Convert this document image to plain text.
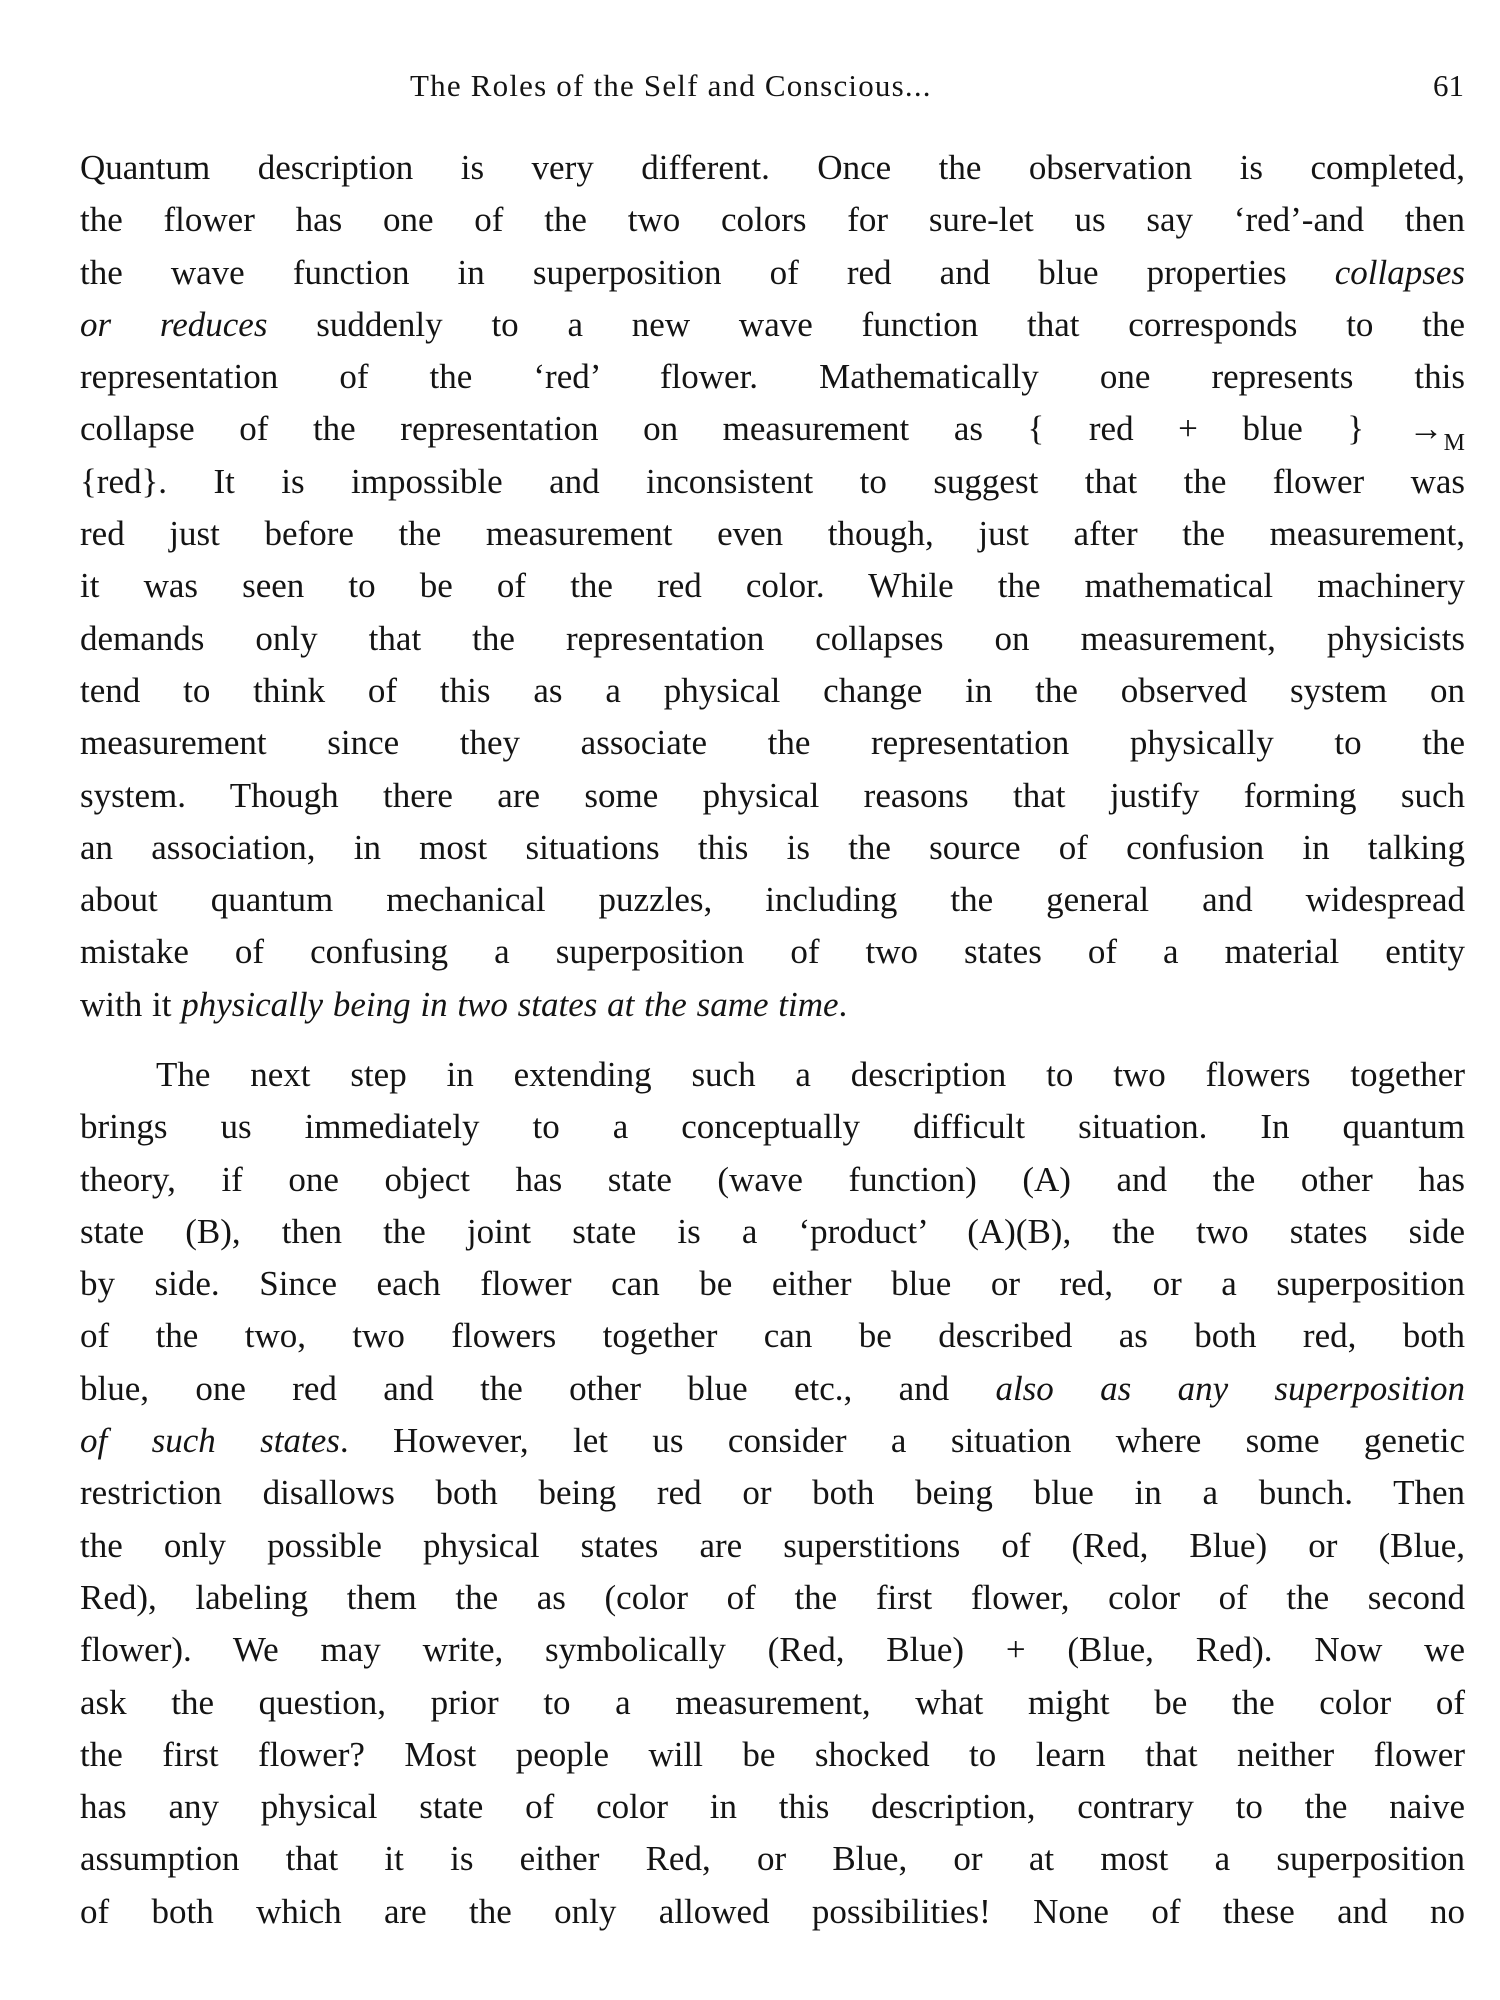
The Roles of the Self and Conscious...	61
Quantum description is very different. Once the observation is completed,
the flower has one of the two colors for sure-let us say ‘red’-and then
the wave function in superposition of red and blue properties collapses
or reduces suddenly to a new wave function that corresponds to the
representation of the ‘red’ flower. Mathematically one represents this
collapse of the representation on measurement as { red + blue } $\to_M$
{red}. It is impossible and inconsistent to suggest that the flower was
red just before the measurement even though, just after the measurement,
it was seen to be of the red color. While the mathematical machinery
demands only that the representation collapses on measurement, physicists
tend to think of this as a physical change in the observed system on
measurement since they associate the representation physically to the
system. Though there are some physical reasons that justify forming such
an association, in most situations this is the source of confusion in talking
about quantum mechanical puzzles, including the general and widespread
mistake of confusing a superposition of two states of a material entity
with it physically being in two states at the same time.
The next step in extending such a description to two flowers together
brings us immediately to a conceptually difficult situation. In quantum
theory, if one object has state (wave function) (A) and the other has
state (B), then the joint state is a ‘product’ (A)(B), the two states side
by side. Since each flower can be either blue or red, or a superposition
of the two, two flowers together can be described as both red, both
blue, one red and the other blue etc., and also as any superposition
of such states. However, let us consider a situation where some genetic
restriction disallows both being red or both being blue in a bunch. Then
the only possible physical states are superstitions of (Red, Blue) or (Blue,
Red), labeling them the as (color of the first flower, color of the second
flower). We may write, symbolically (Red, Blue) + (Blue, Red). Now we
ask the question, prior to a measurement, what might be the color of
the first flower? Most people will be shocked to learn that neither flower
has any physical state of color in this description, contrary to the naive
assumption that it is either Red, or Blue, or at most a superposition
of both which are the only allowed possibilities! None of these and no
